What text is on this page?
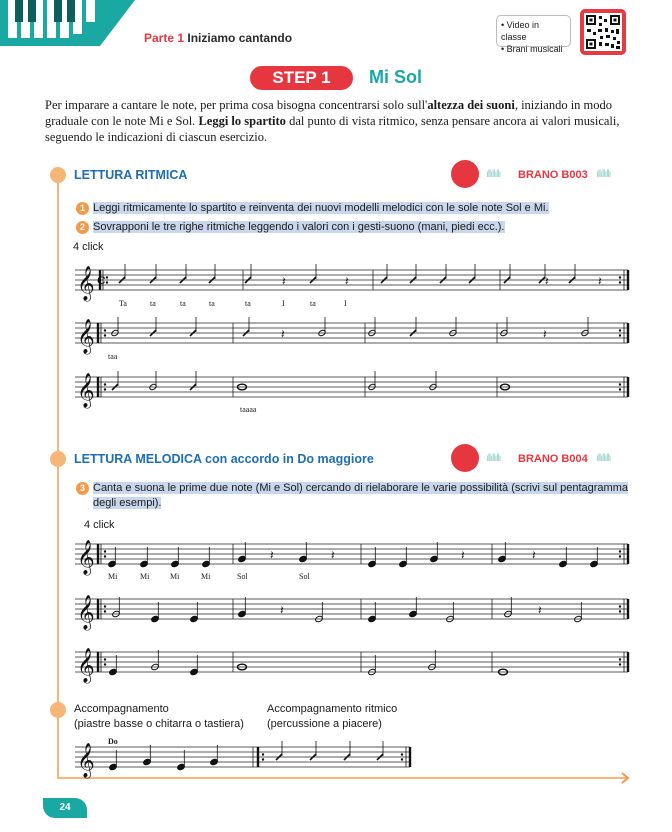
Parte 1 Iniziamo cantando
• Video in classe
• Brani musicali
STEP 1	Mi Sol
Per imparare a cantare le note, per prima cosa bisogna concentrarsi solo sull'altezza dei suoni, iniziando in modo graduale con le note Mi e Sol. Leggi lo spartito dal punto di vista ritmico, senza pensare ancora ai valori musicali, seguendo le indicazioni di ciascun esercizio.
LETTURA RITMICA	ıllıllıllı BRANO B003 ıllıllıllı
1 Leggi ritmicamente lo spartito e reinventa dei nuovi modelli melodici con le sole note Sol e Mi.
2 Sovrapponi le tre righe ritmiche leggendo i valori con i gesti-suono (mani, piedi ecc.).
4 click
Ta	ta	ta	ta	ta	I	ta	I
taa
taaaa
LETTURA MELODICA con accordo in Do maggiore	ıllıllıllı BRANO B004 ıllıllıllı
3 Canta e suona le prime due note (Mi e Sol) cercando di rielaborare le varie possibilità (scrivi sul pentagramma degli esempi).
4 click
Mi	Mi	Mi	Mi	Sol	Sol
Accompagnamento
(piastre basse o chitarra o tastiera)
Accompagnamento ritmico
(percussione a piacere)
Do
24
𝄞 c	𝄽	𝄽	𝄽	𝄽
𝄞	𝄽	𝄽
𝄞
𝄞	𝄽	𝄽	𝄽	𝄽
𝄞	𝄽	𝄽
𝄞
𝄞
